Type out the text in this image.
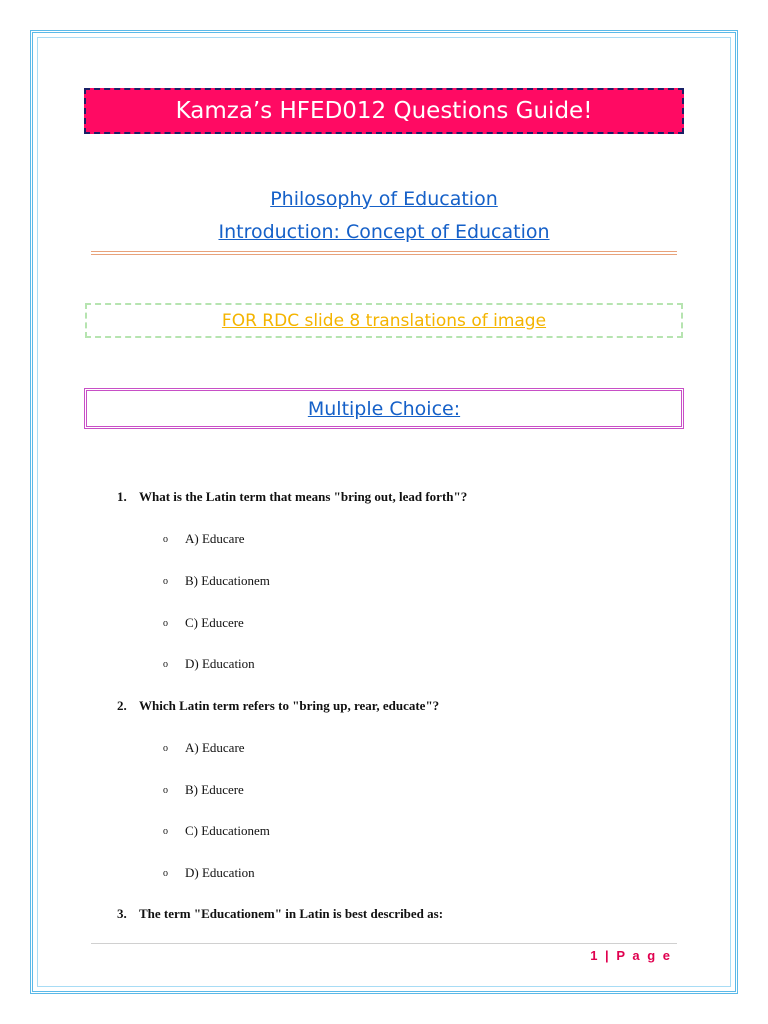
Kamza’s HFED012 Questions Guide!
Philosophy of Education
Introduction: Concept of Education
FOR RDC slide 8 translations of image
Multiple Choice:
1. What is the Latin term that means "bring out, lead forth"?
o A) Educare
o B) Educationem
o C) Educere
o D) Education
2. Which Latin term refers to "bring up, rear, educate"?
o A) Educare
o B) Educere
o C) Educationem
o D) Education
3. The term "Educationem" in Latin is best described as:
1 | P a g e
